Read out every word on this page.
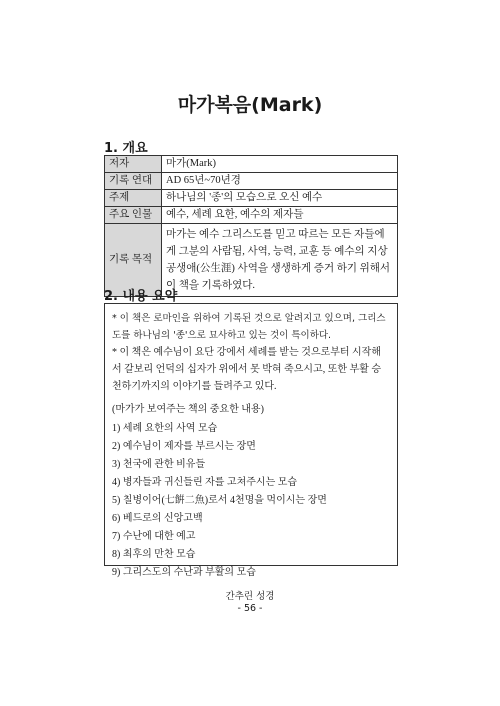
마가복음(Mark)
1. 개요
저자	마가(Mark)
기록 연대	AD 65년~70년경
주제	하나님의 '종'의 모습으로 오신 예수
주요 인물	예수, 세례 요한, 예수의 제자들
기록 목적	마가는 예수 그리스도를 믿고 따르는 모든 자들에게 그분의 사람됨, 사역, 능력, 교훈 등 예수의 지상 공생애(公生涯) 사역을 생생하게 증거 하기 위해서 이 책을 기록하였다.
2. 내용 요약

* 이 책은 로마인을 위하여 기록된 것으로 알려지고 있으며, 그리스도를 하나님의 '종'으로 묘사하고 있는 것이 특이하다.

* 이 책은 예수님이 요단 강에서 세례를 받는 것으로부터 시작해서 갈보리 언덕의 십자가 위에서 못 박혀 죽으시고, 또한 부활 승천하기까지의 이야기를 들려주고 있다.

(마가가 보여주는 책의 중요한 내용)
1) 세례 요한의 사역 모습
2) 예수님이 제자를 부르시는 장면
3) 천국에 관한 비유들
4) 병자들과 귀신들린 자를 고쳐주시는 모습
5) 칠병이어(七餠二魚)로서 4천명을 먹이시는 장면
6) 베드로의 신앙고백
7) 수난에 대한 예고
8) 최후의 만찬 모습
9) 그리스도의 수난과 부활의 모습
간추린 성경
- 56 -
